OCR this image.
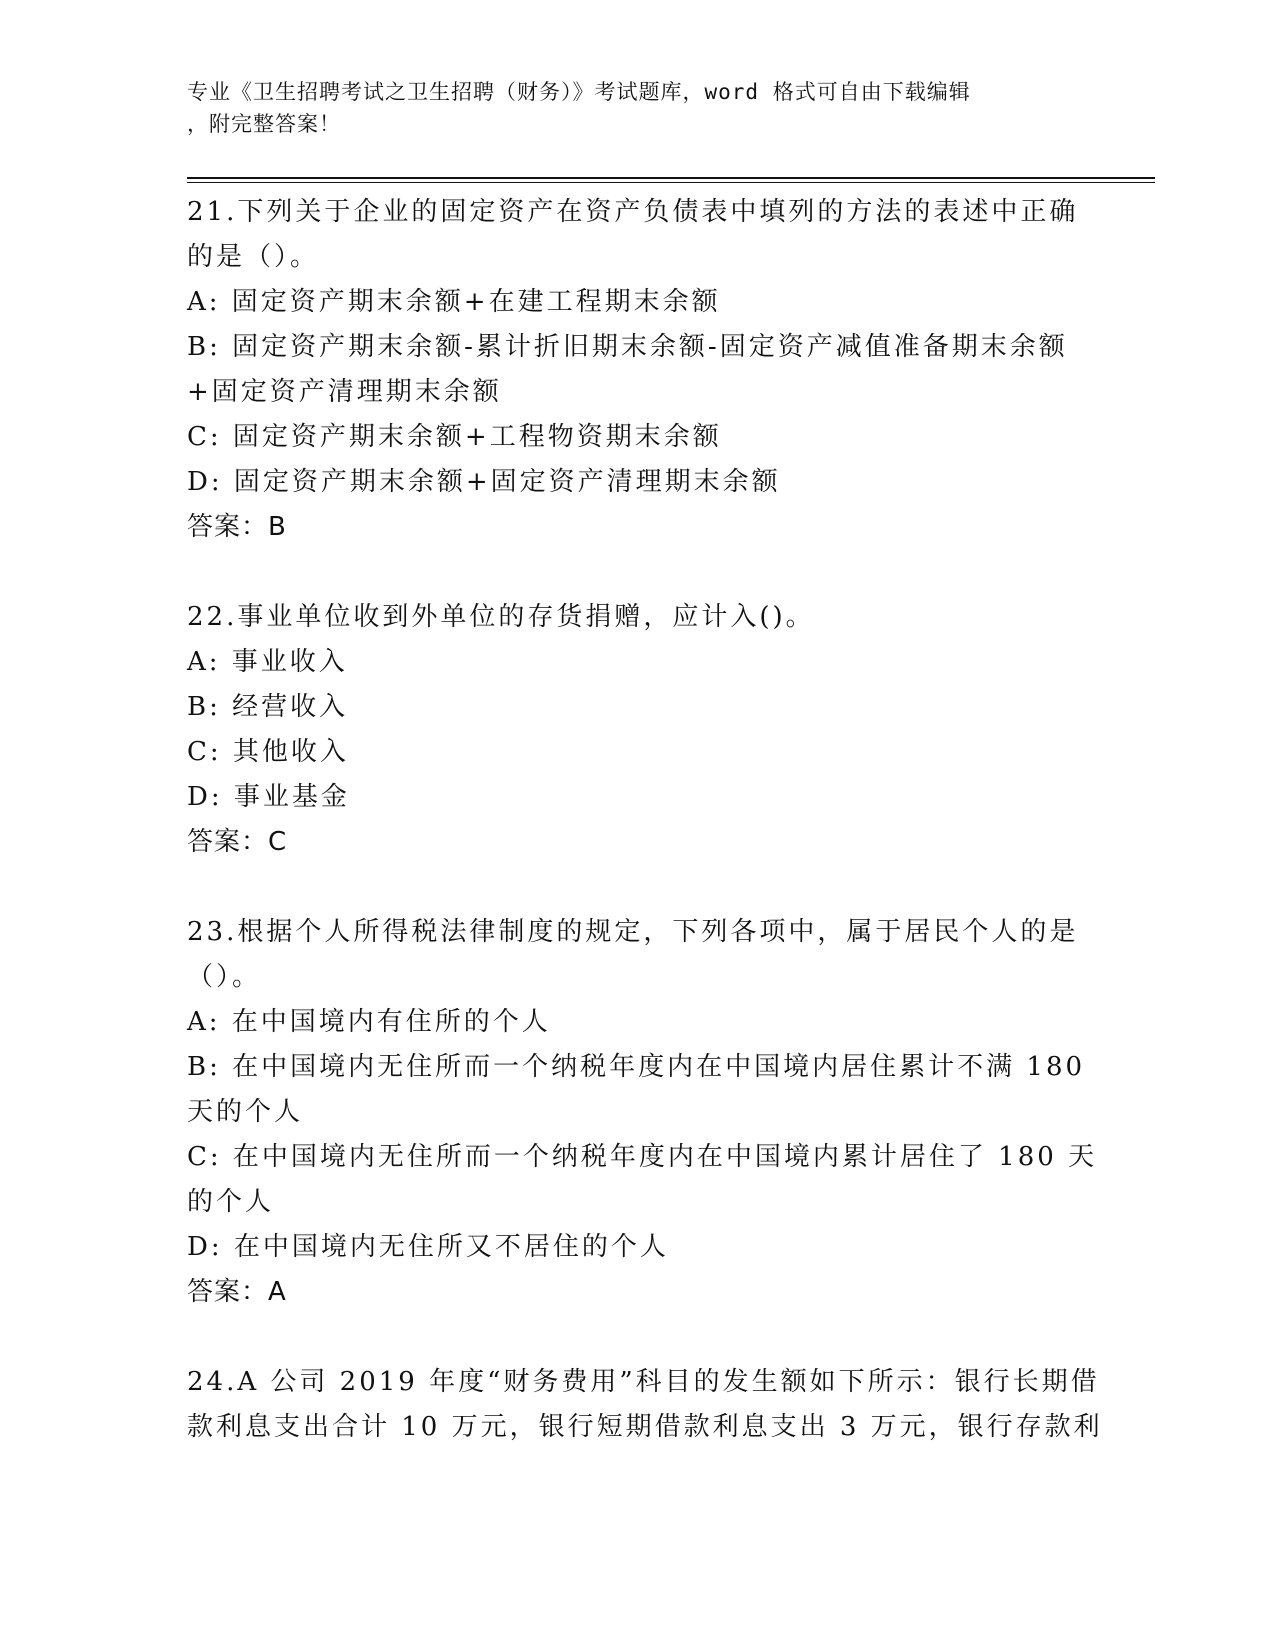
专业《卫生招聘考试之卫生招聘（财务）》考试题库，word 格式可自由下载编辑
，附完整答案！
21.下列关于企业的固定资产在资产负债表中填列的方法的表述中正确
的是（）。
A: 固定资产期末余额+在建工程期末余额
B: 固定资产期末余额-累计折旧期末余额-固定资产减值准备期末余额
+固定资产清理期末余额
C: 固定资产期末余额+工程物资期末余额
D: 固定资产期末余额+固定资产清理期末余额
答案：B
22.事业单位收到外单位的存货捐赠，应计入()。
A: 事业收入
B: 经营收入
C: 其他收入
D: 事业基金
答案：C
23.根据个人所得税法律制度的规定，下列各项中，属于居民个人的是
（）。
A: 在中国境内有住所的个人
B: 在中国境内无住所而一个纳税年度内在中国境内居住累计不满 180
天的个人
C: 在中国境内无住所而一个纳税年度内在中国境内累计居住了 180 天
的个人
D: 在中国境内无住所又不居住的个人
答案：A
24.A 公司 2019 年度“财务费用”科目的发生额如下所示：银行长期借
款利息支出合计 10 万元，银行短期借款利息支出 3 万元，银行存款利
